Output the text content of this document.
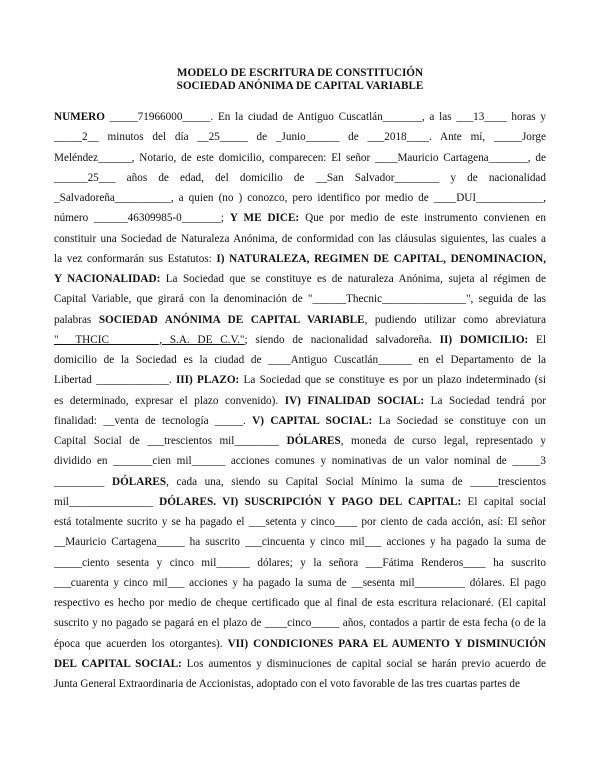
MODELO DE ESCRITURA DE CONSTITUCIÓN
SOCIEDAD ANÓNIMA DE CAPITAL VARIABLE
NUMERO _____71966000_____. En la ciudad de Antiguo Cuscatlán_______, a las ___13____ horas y
_____2__ minutos del día __25_____ de _Junio______ de ___2018____. Ante mí, _____Jorge
Meléndez______, Notario, de este domicilio, comparecen: El señor ____Mauricio Cartagena_______, de
______25___ años de edad, del domicilio de __San Salvador________ y de nacionalidad
_Salvadoreña__________, a quien (no ) conozco, pero identifico por medio de ____DUI____________,
número ______46309985-0_______; Y ME DICE: Que por medio de este instrumento convienen en
constituir una Sociedad de Naturaleza Anónima, de conformidad con las cláusulas siguientes, las cuales a
la vez conformarán sus Estatutos: I) NATURALEZA, REGIMEN DE CAPITAL, DENOMINACION,
Y NACIONALIDAD: La Sociedad que se constituye es de naturaleza Anónima, sujeta al régimen de
Capital Variable, que girará con la denominación de "______Thecnic_______________", seguida de las
palabras SOCIEDAD ANÓNIMA DE CAPITAL VARIABLE, pudiendo utilizar como abreviatura
"___THCIC_________, S.A. DE C.V."; siendo de nacionalidad salvadoreña. II) DOMICILIO: El
domicilio de la Sociedad es la ciudad de ____Antiguo Cuscatlán______ en el Departamento de la
Libertad _____________. III) PLAZO: La Sociedad que se constituye es por un plazo indeterminado (si
es determinado, expresar el plazo convenido). IV) FINALIDAD SOCIAL: La Sociedad tendrá por
finalidad: __venta de tecnología _____. V) CAPITAL SOCIAL: La Sociedad se constituye con un
Capital Social de ___trescientos mil________ DÓLARES, moneda de curso legal, representado y
dividido en _______cien mil______ acciones comunes y nominativas de un valor nominal de _____3
_________ DÓLARES, cada una, siendo su Capital Social Mínimo la suma de _____trescientos
mil_______________ DÓLARES. VI) SUSCRIPCIÓN Y PAGO DEL CAPITAL: El capital social
está totalmente sucrito y se ha pagado el ___setenta y cinco____ por ciento de cada acción, así: El señor
__Mauricio Cartagena_____ ha suscrito ___cincuenta y cinco mil___ acciones y ha pagado la suma de
_____ciento sesenta y cinco mil______ dólares; y la señora ___Fátima Renderos____ ha suscrito
___cuarenta y cinco mil___ acciones y ha pagado la suma de __sesenta mil_________ dólares. El pago
respectivo es hecho por medio de cheque certificado que al final de esta escritura relacionaré. (El capital
suscrito y no pagado se pagará en el plazo de ____cinco_____ años, contados a partir de esta fecha (o de la
época que acuerden los otorgantes). VII) CONDICIONES PARA EL AUMENTO Y DISMINUCIÓN
DEL CAPITAL SOCIAL: Los aumentos y disminuciones de capital social se harán previo acuerdo de
Junta General Extraordinaria de Accionistas, adoptado con el voto favorable de las tres cuartas partes de
